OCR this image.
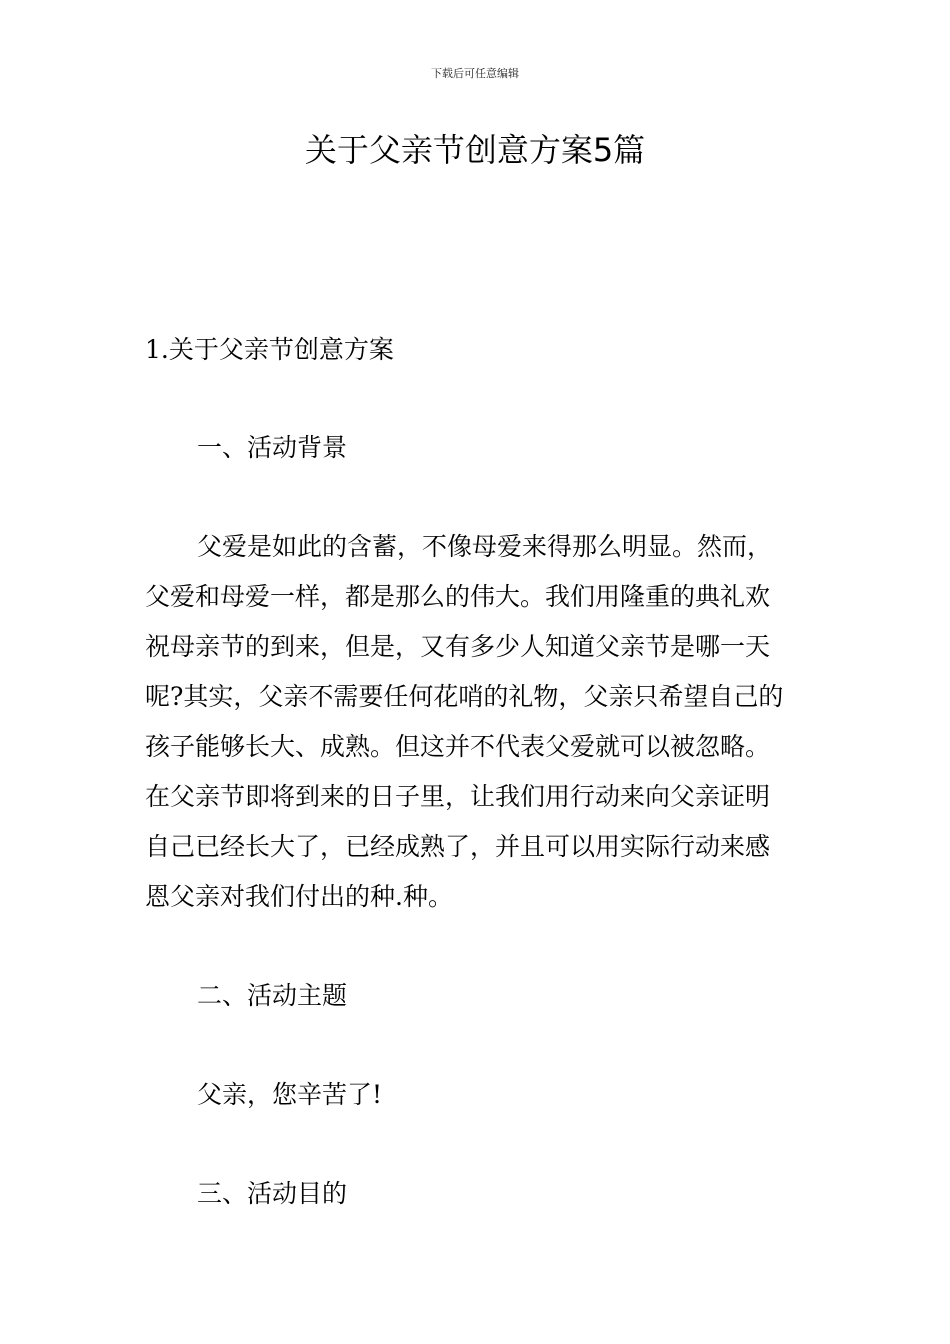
下载后可任意编辑
关于父亲节创意方案5篇

1.关于父亲节创意方案

一、活动背景

父爱是如此的含蓄，不像母爱来得那么明显。然而，
父爱和母爱一样，都是那么的伟大。我们用隆重的典礼欢
祝母亲节的到来，但是，又有多少人知道父亲节是哪一天
呢?其实，父亲不需要任何花哨的礼物，父亲只希望自己的
孩子能够长大、成熟。但这并不代表父爱就可以被忽略。
在父亲节即将到来的日子里，让我们用行动来向父亲证明
自己已经长大了，已经成熟了，并且可以用实际行动来感
恩父亲对我们付出的种.种。

二、活动主题

父亲，您辛苦了!

三、活动目的
